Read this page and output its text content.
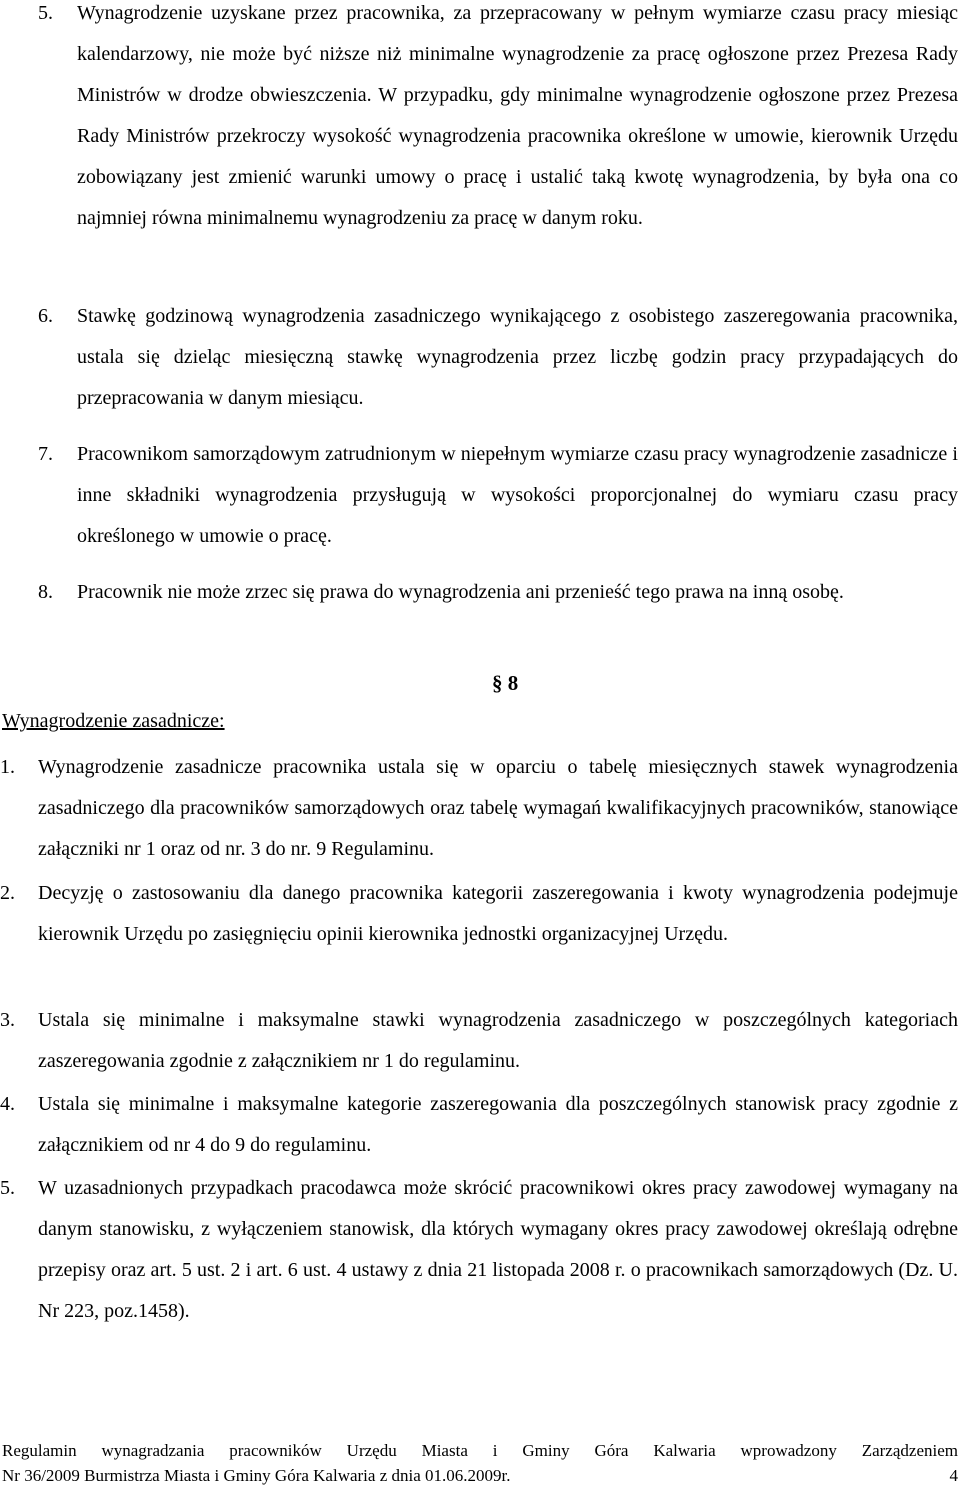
5. Wynagrodzenie uzyskane przez pracownika, za przepracowany w pełnym wymiarze czasu pracy miesiąc kalendarzowy, nie może być niższe niż minimalne wynagrodzenie za pracę ogłoszone przez Prezesa Rady Ministrów w drodze obwieszczenia. W przypadku, gdy minimalne wynagrodzenie ogłoszone przez Prezesa Rady Ministrów przekroczy wysokość wynagrodzenia pracownika określone w umowie, kierownik Urzędu zobowiązany jest zmienić warunki umowy o pracę i ustalić taką kwotę wynagrodzenia, by była ona co najmniej równa minimalnemu wynagrodzeniu za pracę w danym roku.
6. Stawkę godzinową wynagrodzenia zasadniczego wynikającego z osobistego zaszeregowania pracownika, ustala się dzieląc miesięczną stawkę wynagrodzenia przez liczbę godzin pracy przypadających do przepracowania w danym miesiącu.
7. Pracownikom samorządowym zatrudnionym w niepełnym wymiarze czasu pracy wynagrodzenie zasadnicze i inne składniki wynagrodzenia przysługują w wysokości proporcjonalnej do wymiaru czasu pracy określonego w umowie o pracę.
8. Pracownik nie może zrzec się prawa do wynagrodzenia ani przenieść tego prawa na inną osobę.
§ 8
Wynagrodzenie zasadnicze:
1. Wynagrodzenie zasadnicze pracownika ustala się w oparciu o tabelę miesięcznych stawek wynagrodzenia zasadniczego dla pracowników samorządowych oraz tabelę wymagań kwalifikacyjnych pracowników, stanowiące załączniki nr 1 oraz od nr. 3 do nr. 9 Regulaminu.
2. Decyzję o zastosowaniu dla danego pracownika kategorii zaszeregowania i kwoty wynagrodzenia podejmuje kierownik Urzędu po zasięgnięciu opinii kierownika jednostki organizacyjnej Urzędu.
3. Ustala się minimalne i maksymalne stawki wynagrodzenia zasadniczego w poszczególnych kategoriach zaszeregowania zgodnie z załącznikiem nr 1 do regulaminu.
4. Ustala się minimalne i maksymalne kategorie zaszeregowania dla poszczególnych stanowisk pracy zgodnie z załącznikiem od nr 4 do 9 do regulaminu.
5. W uzasadnionych przypadkach pracodawca może skrócić pracownikowi okres pracy zawodowej wymagany na danym stanowisku, z wyłączeniem stanowisk, dla których wymagany okres pracy zawodowej określają odrębne przepisy oraz art. 5 ust. 2 i art. 6 ust. 4 ustawy z dnia 21 listopada 2008 r. o pracownikach samorządowych (Dz. U. Nr 223, poz.1458).
Regulamin wynagradzania pracowników Urzędu Miasta i Gminy Góra Kalwaria wprowadzony Zarządzeniem
Nr 36/2009 Burmistrza Miasta i Gminy Góra Kalwaria z dnia 01.06.2009r.	4
